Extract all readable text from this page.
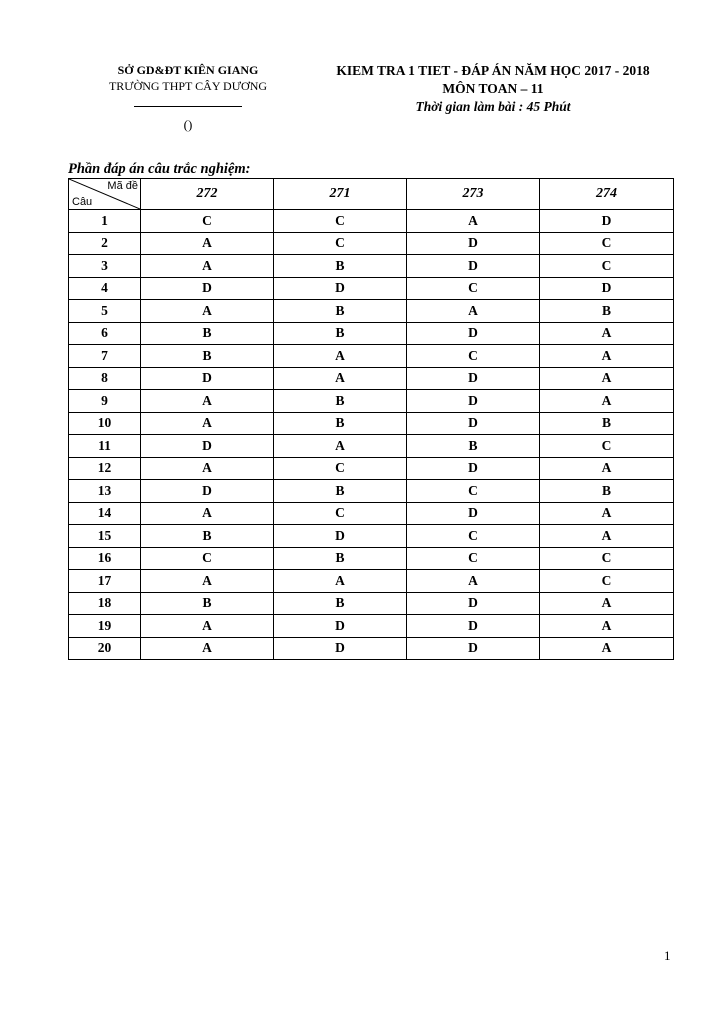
SỞ GD&ĐT KIÊN GIANG
TRƯỜNG THPT CÂY DƯƠNG
()
KIEM TRA 1 TIET - ĐÁP ÁN NĂM HỌC 2017 - 2018
MÔN TOAN – 11
Thời gian làm bài : 45 Phút
Phần đáp án câu trắc nghiệm:
Mã đề
Câu	272	271	273	274
1	C	C	A	D
2	A	C	D	C
3	A	B	D	C
4	D	D	C	D
5	A	B	A	B
6	B	B	D	A
7	B	A	C	A
8	D	A	D	A
9	A	B	D	A
10	A	B	D	B
11	D	A	B	C
12	A	C	D	A
13	D	B	C	B
14	A	C	D	A
15	B	D	C	A
16	C	B	C	C
17	A	A	A	C
18	B	B	D	A
19	A	D	D	A
20	A	D	D	A
1
